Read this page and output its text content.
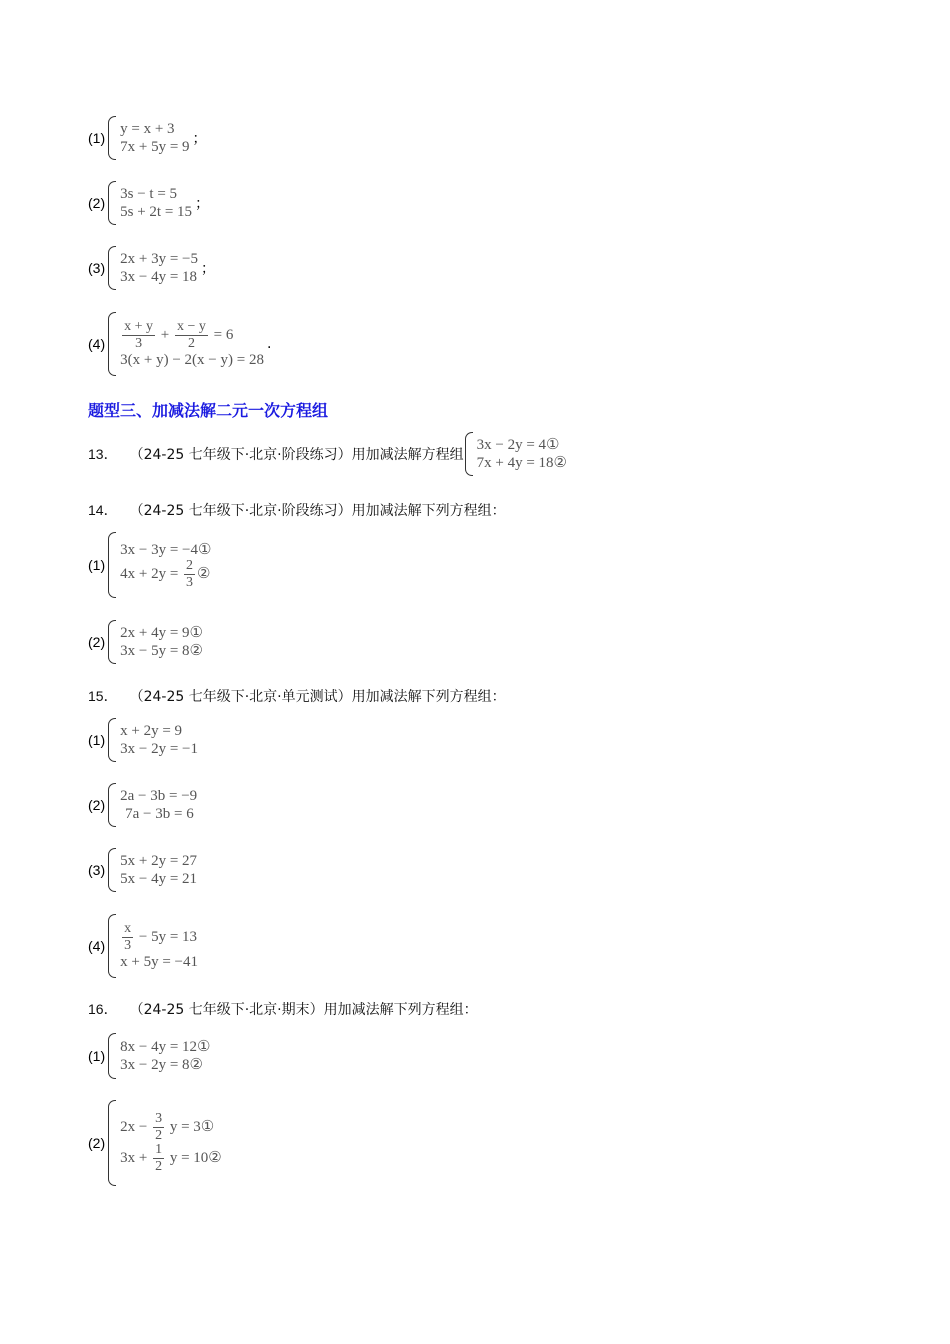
(1)
y = x + 3
7x + 5y = 9 ；
(2)
3s − t = 5
5s + 2t = 15 ；
(3)
2x + 3y = −5
3x − 4y = 18 ；
$(4) \frac{x + y}{3} + \frac{x - y}{2} = 6$
3(x + y) − 2(x − y) = 28
.
题型三、加减法解二元一次方程组
13． （24-25 七年级下·北京·阶段练习）用加减法解方程组
3x − 2y = 4①
7x + 4y = 18②
14． （24-25 七年级下·北京·阶段练习）用加减法解下列方程组：
(1)
3x − 3y = −4①
$4x + 2y = \frac{2}{3}$ ②
(2)
2x + 4y = 9①
3x − 5y = 8②
15． （24-25 七年级下·北京·单元测试）用加减法解下列方程组：
(1)
x + 2y = 9
3x − 2y = −1
(2)
2a − 3b = −9
7a − 3b = 6
(3)
5x + 2y = 27
5x − 4y = 21
$(4) \frac{x}{3} - 5y = 13$
x + 5y = −41
16． （24-25 七年级下·北京·期末）用加减法解下列方程组：
(1)
8x − 4y = 12①
3x − 2y = 8②
(2)
$2x - \frac{3}{2}$ y = 3①
$3x + \frac{1}{2}$ y = 10②
